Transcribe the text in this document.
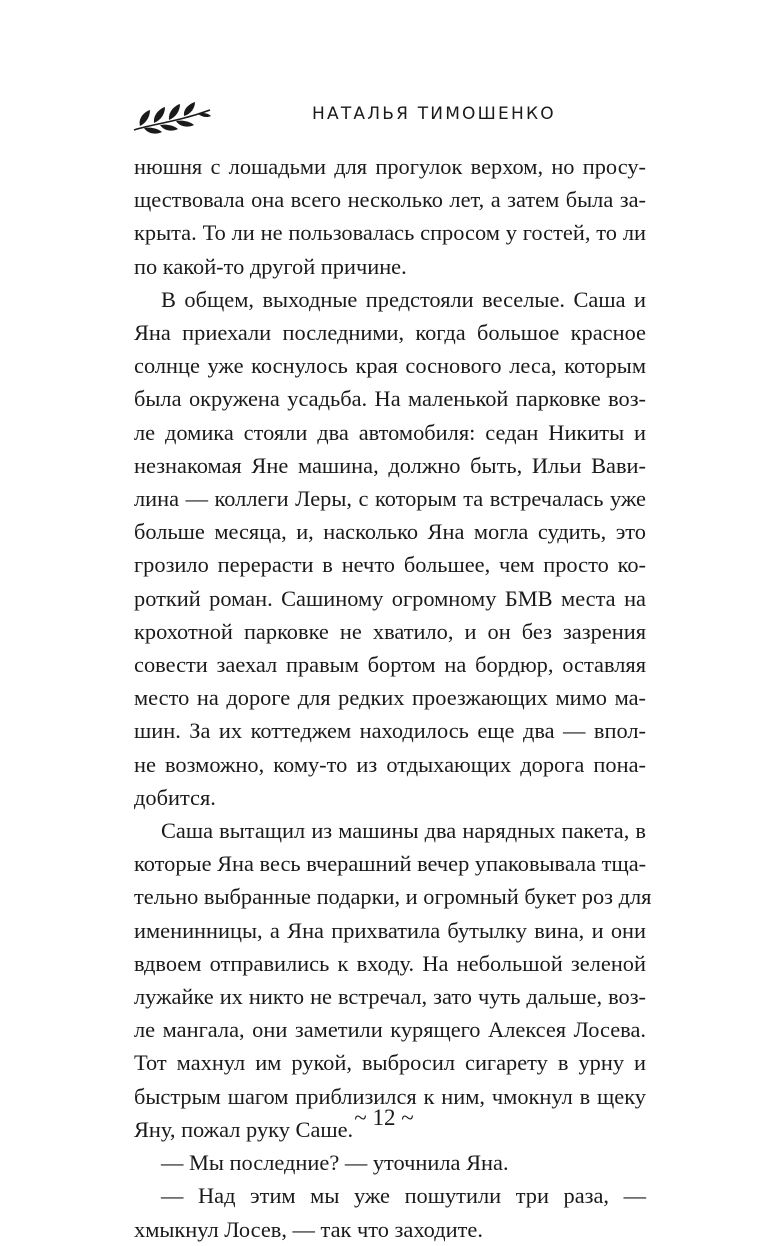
НАТАЛЬЯ ТИМОШЕНКО
нюшня с лошадьми для прогулок верхом, но просу-
ществовала она всего несколько лет, а затем была за-
крыта. То ли не пользовалась спросом у гостей, то ли
по какой-то другой причине.
В общем, выходные предстояли веселые. Саша и
Яна приехали последними, когда большое красное
солнце уже коснулось края соснового леса, которым
была окружена усадьба. На маленькой парковке воз-
ле домика стояли два автомобиля: седан Никиты и
незнакомая Яне машина, должно быть, Ильи Вави-
лина — коллеги Леры, с которым та встречалась уже
больше месяца, и, насколько Яна могла судить, это
грозило перерасти в нечто большее, чем просто ко-
роткий роман. Сашиному огромному БМВ места на
крохотной парковке не хватило, и он без зазрения
совести заехал правым бортом на бордюр, оставляя
место на дороге для редких проезжающих мимо ма-
шин. За их коттеджем находилось еще два — впол-
не возможно, кому-то из отдыхающих дорога пона-
добится.
Саша вытащил из машины два нарядных пакета, в
которые Яна весь вчерашний вечер упаковывала тща-
тельно выбранные подарки, и огромный букет роз для
именинницы, а Яна прихватила бутылку вина, и они
вдвоем отправились к входу. На небольшой зеленой
лужайке их никто не встречал, зато чуть дальше, воз-
ле мангала, они заметили курящего Алексея Лосева.
Тот махнул им рукой, выбросил сигарету в урну и
быстрым шагом приблизился к ним, чмокнул в щеку
Яну, пожал руку Саше.
— Мы последние? — уточнила Яна.
— Над этим мы уже пошутили три раза, —
хмыкнул Лосев, — так что заходите.
~ 12 ~
